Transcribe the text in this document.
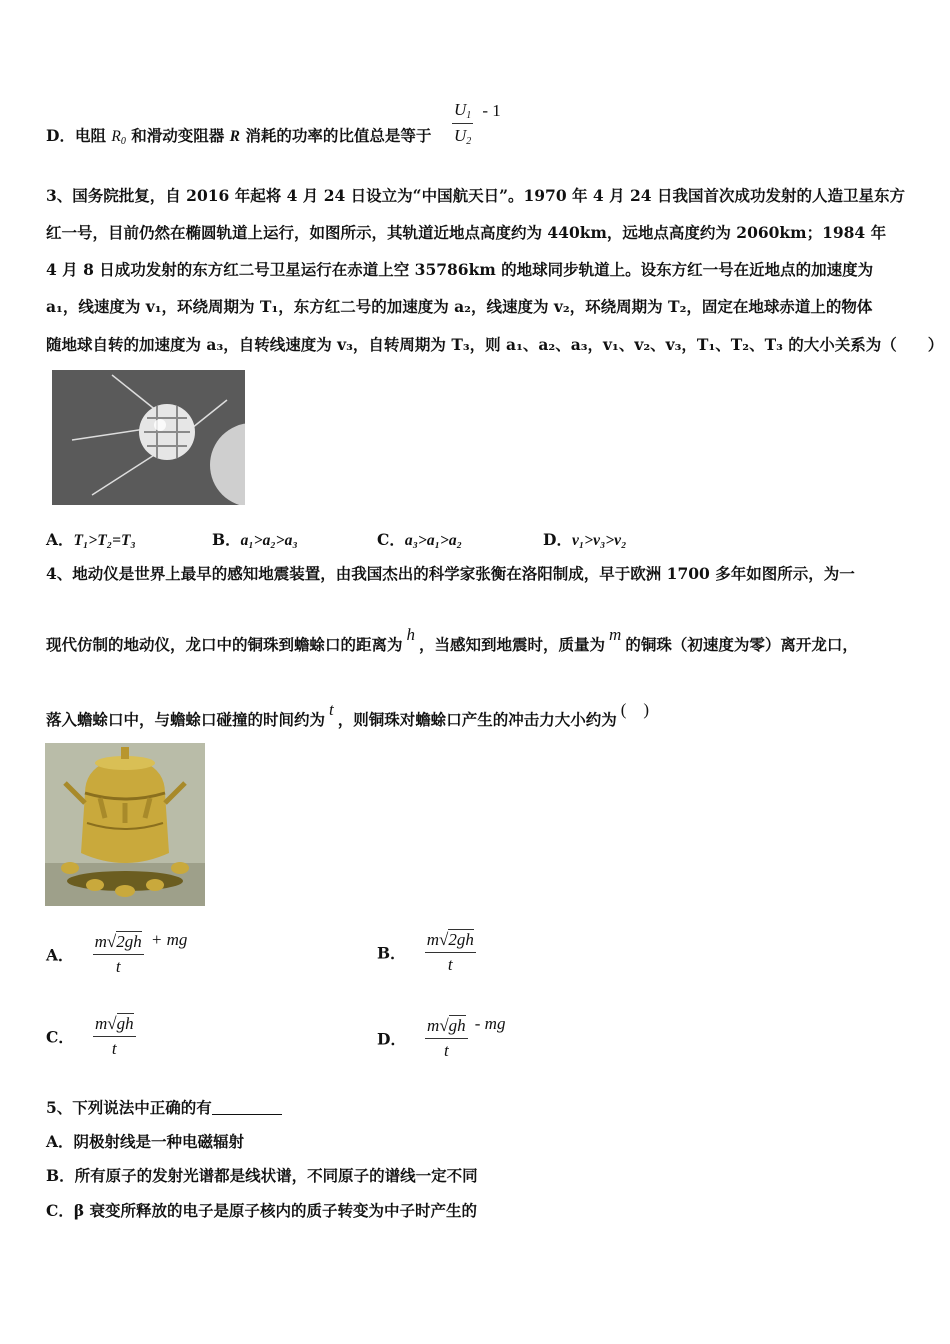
D．电阻 $R_0$ 和滑动变阻器 R 消耗的功率的比值总是等于 $\frac{U_1}{U_2} - 1$
3、国务院批复，自 2016 年起将 4 月 24 日设立为“中国航天日”。1970 年 4 月 24 日我国首次成功发射的人造卫星东方
红一号，目前仍然在椭圆轨道上运行，如图所示，其轨道近地点高度约为 440km，远地点高度约为 2060km；1984 年
4 月 8 日成功发射的东方红二号卫星运行在赤道上空 35786km 的地球同步轨道上。设东方红一号在近地点的加速度为
a₁，线速度为 v₁，环绕周期为 T₁，东方红二号的加速度为 a₂，线速度为 v₂，环绕周期为 T₂，固定在地球赤道上的物体
随地球自转的加速度为 a₃，自转线速度为 v₃，自转周期为 T₃，则 a₁、a₂、a₃，v₁、v₂、v₃，T₁、T₂、T₃ 的大小关系为（　　）
A．T₁>T₂=T₃	B．a₁>a₂>a₃	C．a₃>a₁>a₂	D．v₁>v₃>v₂
4、地动仪是世界上最早的感知地震装置，由我国杰出的科学家张衡在洛阳制成，早于欧洲 1700 多年如图所示，为一
现代仿制的地动仪，龙口中的铜珠到蟾蜍口的距离为h，当感知到地震时，质量为m的铜珠（初速度为零）离开龙口，
落入蟾蜍口中，与蟾蜍口碰撞的时间约为t，则铜珠对蟾蜍口产生的冲击力大小约为(　)
A． $\frac{m√2gh}{t}$ + mg
B． $\frac{m√2gh}{t}$
C． $\frac{m√gh}{t}$	D． $\frac{m√gh}{t}$ - mg
5、下列说法中正确的有
A．阴极射线是一种电磁辐射
B．所有原子的发射光谱都是线状谱，不同原子的谱线一定不同
C．β 衰变所释放的电子是原子核内的质子转变为中子时产生的
